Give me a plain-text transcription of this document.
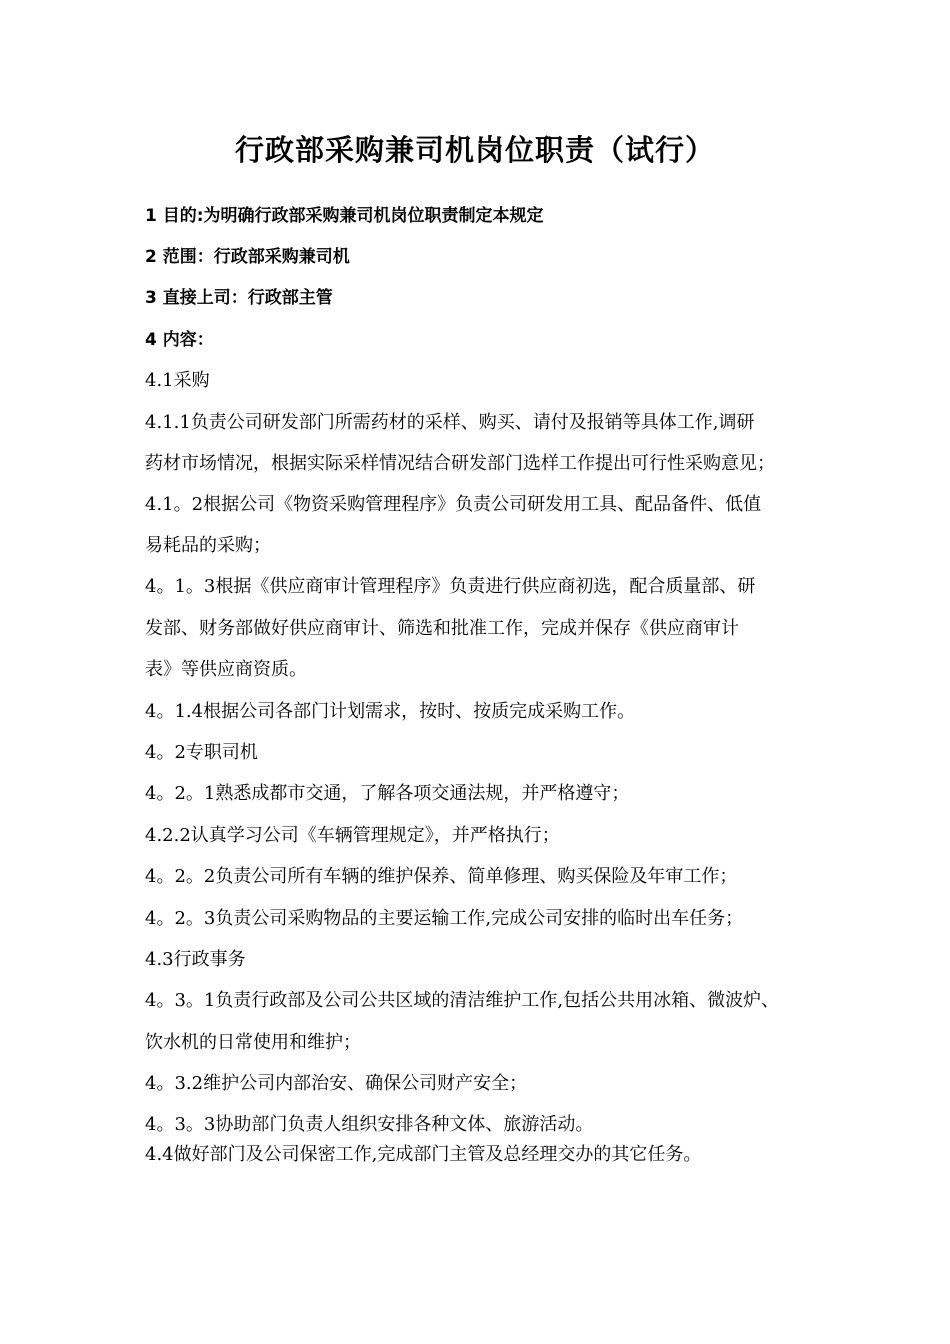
行政部采购兼司机岗位职责（试行）
1 目的:为明确行政部采购兼司机岗位职责制定本规定
2 范围：行政部采购兼司机
3 直接上司：行政部主管
4 内容：
4.1采购
4.1.1负责公司研发部门所需药材的采样、购买、请付及报销等具体工作,调研
药材市场情况，根据实际采样情况结合研发部门选样工作提出可行性采购意见；
4.1。2根据公司《物资采购管理程序》负责公司研发用工具、配品备件、低值
易耗品的采购；
4。1。3根据《供应商审计管理程序》负责进行供应商初选，配合质量部、研
发部、财务部做好供应商审计、筛选和批准工作，完成并保存《供应商审计
表》等供应商资质。
4。1.4根据公司各部门计划需求，按时、按质完成采购工作。
4。2专职司机
4。2。1熟悉成都市交通，了解各项交通法规，并严格遵守；
4.2.2认真学习公司《车辆管理规定》，并严格执行；
4。2。2负责公司所有车辆的维护保养、简单修理、购买保险及年审工作；
4。2。3负责公司采购物品的主要运输工作,完成公司安排的临时出车任务；
4.3行政事务
4。3。1负责行政部及公司公共区域的清洁维护工作,包括公共用冰箱、微波炉、
饮水机的日常使用和维护；
4。3.2维护公司内部治安、确保公司财产安全；
4。3。3协助部门负责人组织安排各种文体、旅游活动。
4.4做好部门及公司保密工作,完成部门主管及总经理交办的其它任务。
